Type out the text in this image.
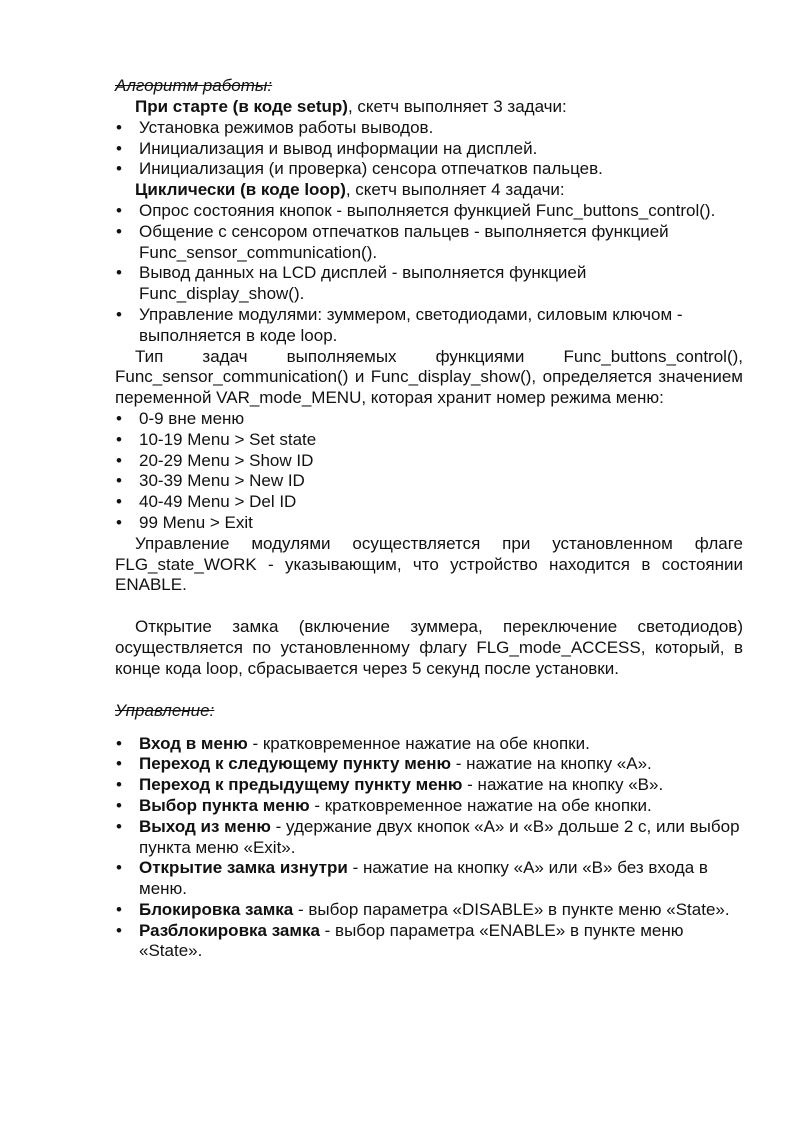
Алгоритм работы:

При старте (в коде setup), скетч выполняет 3 задачи:

• Установка режимов работы выводов.
• Инициализация и вывод информации на дисплей.
• Инициализация (и проверка) сенсора отпечатков пальцев.

Циклически (в коде loop), скетч выполняет 4 задачи:

• Опрос состояния кнопок - выполняется функцией Func_buttons_control().
• Общение с сенсором отпечатков пальцев - выполняется функцией Func_sensor_communication().
• Вывод данных на LCD дисплей - выполняется функцией Func_display_show().
• Управление модулями: зуммером, светодиодами, силовым ключом - выполняется в коде loop.

Тип задач выполняемых функциями Func_buttons_control(), Func_sensor_communication() и Func_display_show(), определяется значением переменной VAR_mode_MENU, которая хранит номер режима меню:

• 0-9 вне меню
• 10-19 Menu > Set state
• 20-29 Menu > Show ID
• 30-39 Menu > New ID
• 40-49 Menu > Del ID
• 99 Menu > Exit

Управление модулями осуществляется при установленном флаге FLG_state_WORK - указывающим, что устройство находится в состоянии ENABLE.

Открытие замка (включение зуммера, переключение светодиодов) осуществляется по установленному флагу FLG_mode_ACCESS, который, в конце кода loop, сбрасывается через 5 секунд после установки.

Управление:

• Вход в меню - кратковременное нажатие на обе кнопки.
• Переход к следующему пункту меню - нажатие на кнопку «A».
• Переход к предыдущему пункту меню - нажатие на кнопку «B».
• Выбор пункта меню - кратковременное нажатие на обе кнопки.
• Выход из меню - удержание двух кнопок «A» и «B» дольше 2 с, или выбор пункта меню «Exit».
• Открытие замка изнутри - нажатие на кнопку «A» или «B» без входа в меню.
• Блокировка замка - выбор параметра «DISABLE» в пункте меню «State».
• Разблокировка замка - выбор параметра «ENABLE» в пункте меню «State».
